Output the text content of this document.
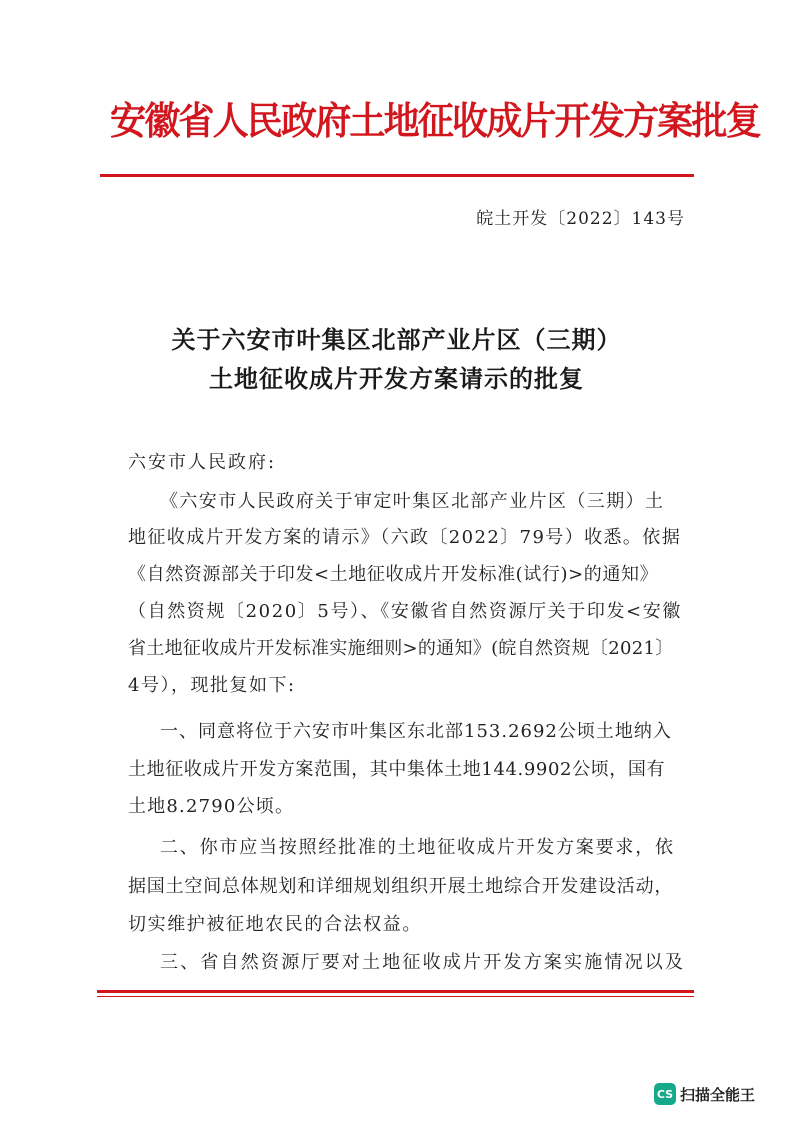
安徽省人民政府土地征收成片开发方案批复
皖土开发〔2022〕143号
关于六安市叶集区北部产业片区（三期）
土地征收成片开发方案请示的批复
六安市人民政府:
《六安市人民政府关于审定叶集区北部产业片区（三期）土
地征收成片开发方案的请示》（六政〔2022〕79号）收悉。依据
《自然资源部关于印发<土地征收成片开发标准(试行)>的通知》
（自然资规〔2020〕5号）、《安徽省自然资源厅关于印发<安徽
省土地征收成片开发标准实施细则>的通知》(皖自然资规〔2021〕
4号），现批复如下:
一、同意将位于六安市叶集区东北部153.2692公顷土地纳入
土地征收成片开发方案范围，其中集体土地144.9902公顷，国有
土地8.2790公顷。
二、你市应当按照经批准的土地征收成片开发方案要求，依
据国土空间总体规划和详细规划组织开展土地综合开发建设活动，
切实维护被征地农民的合法权益。
三、省自然资源厅要对土地征收成片开发方案实施情况以及
CS 扫描全能王
